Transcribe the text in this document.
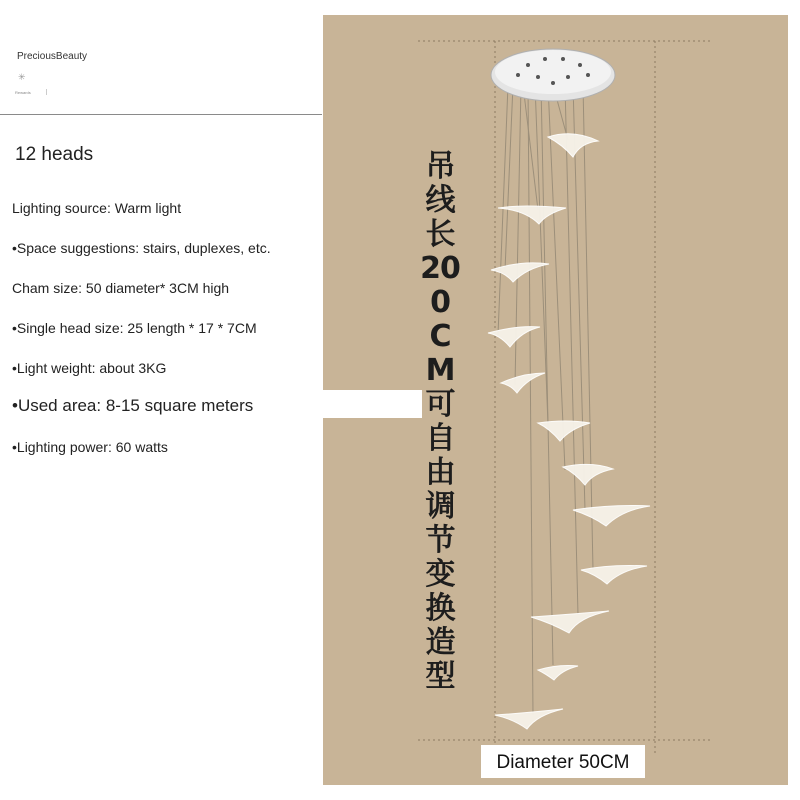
PreciousBeauty
✳
Rewards
12 heads
Lighting source: Warm light
•Space suggestions: stairs, duplexes, etc.
Cham size: 50 diameter* 3CM high
•Single head size: 25 length * 17 * 7CM
•Light weight: about 3KG
•Used area: 8-15 square meters
•Lighting power: 60 watts
吊线长200CM可自由调节变换造型
Diameter 50CM
